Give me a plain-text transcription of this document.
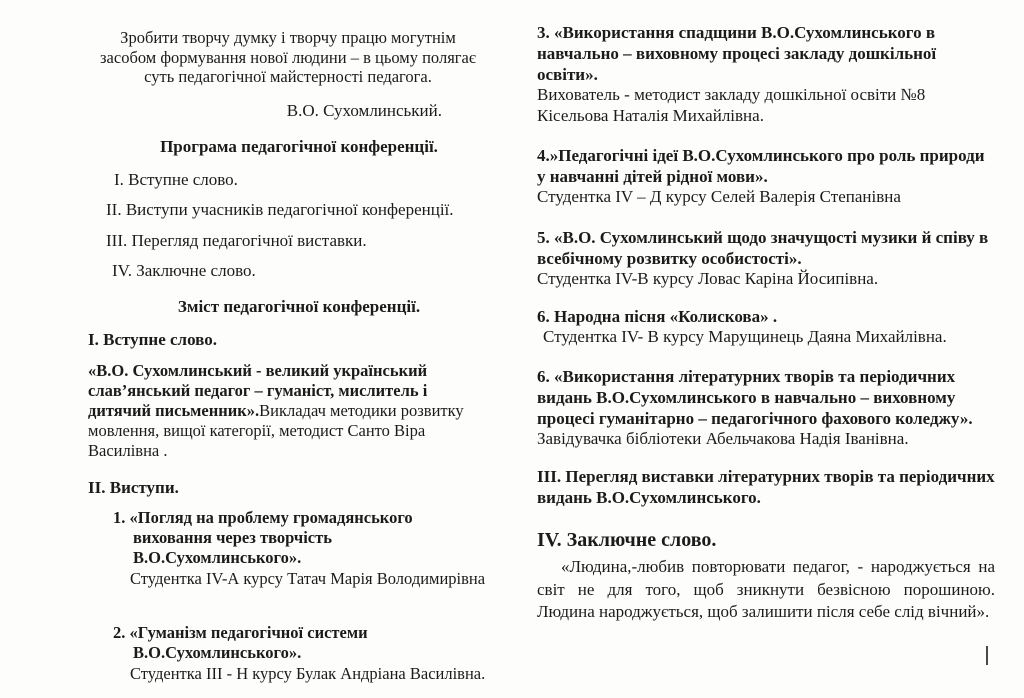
Зробити творчу думку і творчу працю могутнім засобом формування нової людини – в цьому полягає суть педагогічної майстерності педагога.
В.О. Сухомлинський.
Програма педагогічної конференції.
I. Вступне слово.
II. Виступи учасників педагогічної конференції.
III. Перегляд педагогічної виставки.
IV. Заключне слово.
Зміст педагогічної конференції.
I. Вступне слово.

«В.О. Сухомлинський - великий український слав’янський педагог – гуманіст, мислитель і дитячий письменник».Викладач методики розвитку мовлення, вищої категорії, методист Санто Віра Василівна .

II. Виступи.
1. «Погляд на проблему громадянського виховання через творчість В.О.Сухомлинського».
Студентка IV-А курсу Татач Марія Володимирівна
2. «Гуманізм педагогічної системи В.О.Сухомлинського».
Студентка III - Н курсу Булак Андріана Василівна.
3. «Використання спадщини В.О.Сухомлинського в навчально – виховному процесі закладу дошкільної освіти».
Вихователь - методист закладу дошкільної освіти №8 Кісельова Наталія Михайлівна.
4.»Педагогічні ідеї В.О.Сухомлинського про роль природи у навчанні дітей рідної мови».
Студентка IV – Д курсу Селей Валерія Степанівна
5. «В.О. Сухомлинський щодо значущості музики й співу в всебічному розвитку особистості».
Студентка IV-В курсу Ловас Каріна Йосипівна.
6. Народна пісня «Колискова» .
Студентка IV- В курсу Марущинець Даяна Михайлівна.
6. «Використання літературних творів та періодичних видань В.О.Сухомлинського в навчально – виховному процесі гуманітарно – педагогічного фахового коледжу».
Завідувачка бібліотеки Абельчакова Надія Іванівна.
III. Перегляд виставки літературних творів та періодичних видань В.О.Сухомлинського.
IV. Заключне слово.
«Людина,-любив повторювати педагог, - народжується на світ не для того, щоб зникнути безвісною порошиною. Людина народжується, щоб залишити після себе слід вічний».
